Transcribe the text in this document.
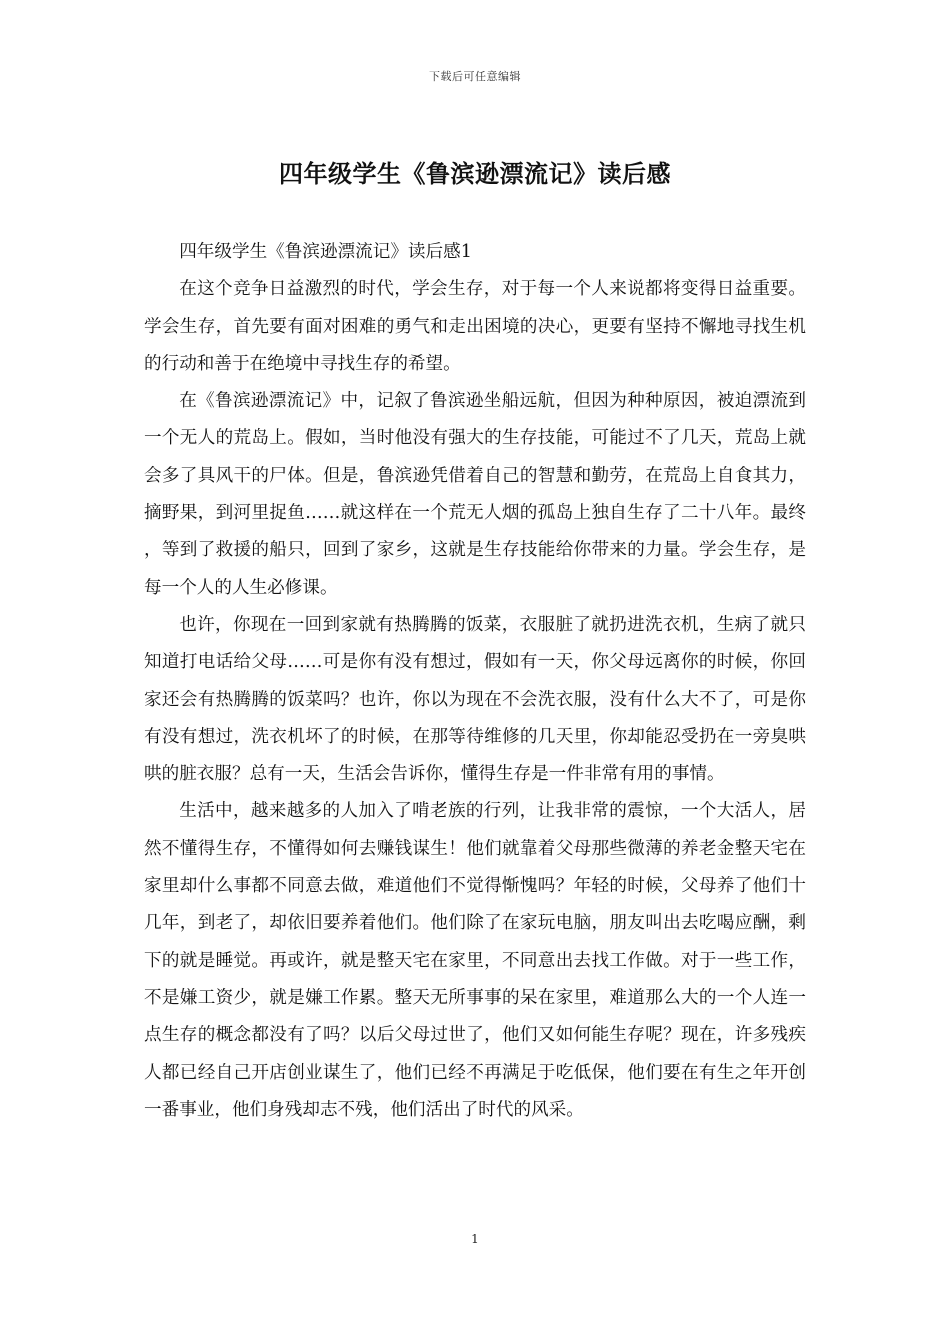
下载后可任意编辑
四年级学生《鲁滨逊漂流记》读后感

四年级学生《鲁滨逊漂流记》读后感1

在这个竞争日益激烈的时代，学会生存，对于每一个人来说都将变得日益重要。学会生存，首先要有面对困难的勇气和走出困境的决心，更要有坚持不懈地寻找生机的行动和善于在绝境中寻找生存的希望。

在《鲁滨逊漂流记》中，记叙了鲁滨逊坐船远航，但因为种种原因，被迫漂流到一个无人的荒岛上。假如，当时他没有强大的生存技能，可能过不了几天，荒岛上就会多了具风干的尸体。但是，鲁滨逊凭借着自己的智慧和勤劳，在荒岛上自食其力，摘野果，到河里捉鱼……就这样在一个荒无人烟的孤岛上独自生存了二十八年。最终，等到了救援的船只，回到了家乡，这就是生存技能给你带来的力量。学会生存，是每一个人的人生必修课。

也许，你现在一回到家就有热腾腾的饭菜，衣服脏了就扔进洗衣机，生病了就只知道打电话给父母……可是你有没有想过，假如有一天，你父母远离你的时候，你回家还会有热腾腾的饭菜吗？也许，你以为现在不会洗衣服，没有什么大不了，可是你有没有想过，洗衣机坏了的时候，在那等待维修的几天里，你却能忍受扔在一旁臭哄哄的脏衣服？总有一天，生活会告诉你，懂得生存是一件非常有用的事情。

生活中，越来越多的人加入了啃老族的行列，让我非常的震惊，一个大活人，居然不懂得生存，不懂得如何去赚钱谋生！他们就靠着父母那些微薄的养老金整天宅在家里却什么事都不同意去做，难道他们不觉得惭愧吗？年轻的时候，父母养了他们十几年，到老了，却依旧要养着他们。他们除了在家玩电脑，朋友叫出去吃喝应酬，剩下的就是睡觉。再或许，就是整天宅在家里，不同意出去找工作做。对于一些工作，不是嫌工资少，就是嫌工作累。整天无所事事的呆在家里，难道那么大的一个人连一点生存的概念都没有了吗？以后父母过世了，他们又如何能生存呢？现在，许多残疾人都已经自己开店创业谋生了，他们已经不再满足于吃低保，他们要在有生之年开创一番事业，他们身残却志不残，他们活出了时代的风采。

1
